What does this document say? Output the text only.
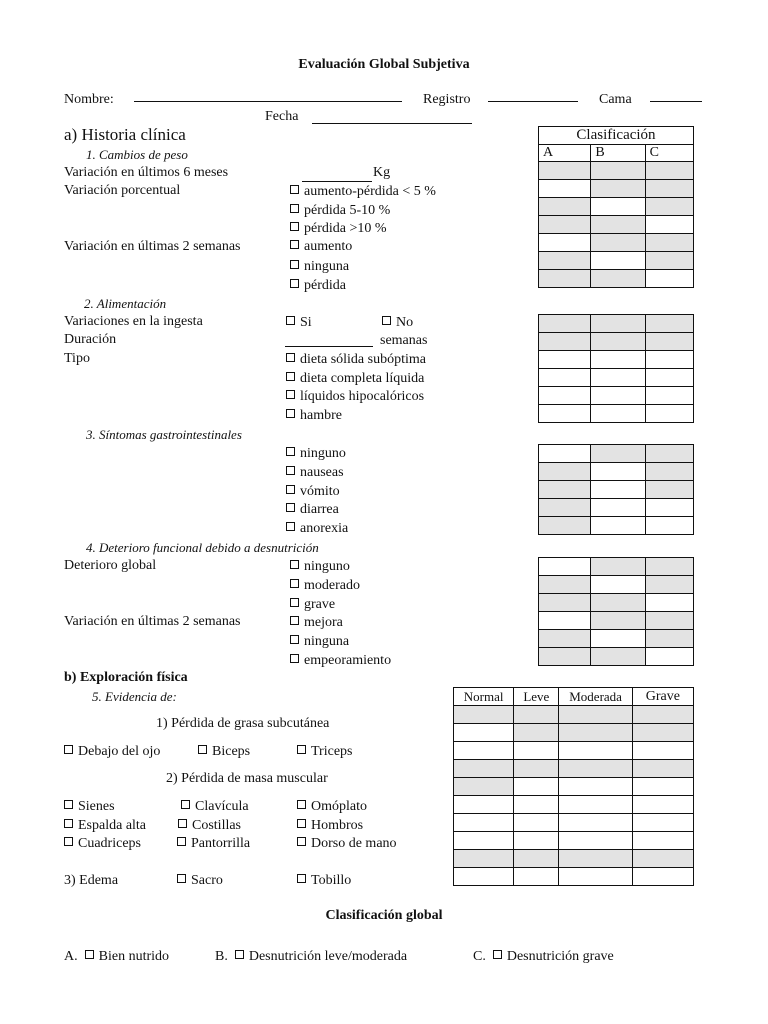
Evaluación Global Subjetiva
Nombre:	Registro	Cama
Fecha
a) Historia clínica
1. Cambios de peso
Variación en últimos 6 meses	Kg
Variación porcentual	aumento-pérdida < 5 %
pérdida 5-10 %
pérdida >10 %
Variación en últimas 2 semanas	aumento
ninguna
pérdida
Clasificación		
A	B	C

2. Alimentación
Variaciones en la ingesta	Si	No
Duración	semanas
Tipo	dieta sólida subóptima
dieta completa líquida
líquidos hipocalóricos
hambre

3. Síntomas gastrointestinales
ninguno
nauseas
vómito
diarrea
anorexia

4. Deterioro funcional debido a desnutrición
Deterioro global	ninguno
moderado
grave
Variación en últimas 2 semanas	mejora
ninguna
empeoramiento

b) Exploración física
5. Evidencia de:
1) Pérdida de grasa subcutánea
Debajo del ojo	Biceps	Triceps
2) Pérdida de masa muscular
Sienes	Clavícula	Omóplato
Espalda alta	Costillas	Hombros
Cuadriceps	Pantorrilla	Dorso de mano
3) Edema	Sacro	Tobillo
Normal	Leve	Moderada	Grave

Clasificación global
A. Bien nutrido	B. Desnutrición leve/moderada	C. Desnutrición grave
